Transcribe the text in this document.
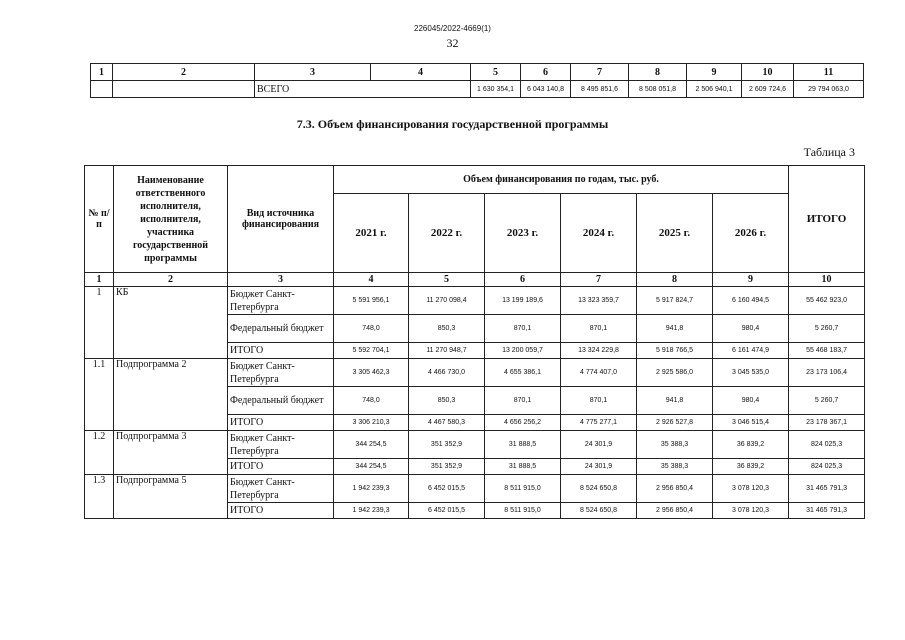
226045/2022-4669(1)
32
1	2	3	4	5	6	7	8	9	10	11
		ВСЕГО		1 630 354,1	6 043 140,8	8 495 851,6	8 508 051,8	2 506 940,1	2 609 724,6	29 794 063,0
7.3. Объем финансирования государственной программы
Таблица 3
№ п/п	Наименование ответственного исполнителя, исполнителя, участника государственной программы	Вид источника финансирования	Объем финансирования по годам, тыс. руб.						ИТОГО
			2021 г.	2022 г.	2023 г.	2024 г.	2025 г.	2026 г.	
1	2	3	4	5	6	7	8	9	10
1	КБ	Бюджет Санкт-Петербурга	5 591 956,1	11 270 098,4	13 199 189,6	13 323 359,7	5 917 824,7	6 160 494,5	55 462 923,0
		Федеральный бюджет	748,0	850,3	870,1	870,1	941,8	980,4	5 260,7
		ИТОГО	5 592 704,1	11 270 948,7	13 200 059,7	13 324 229,8	5 918 766,5	6 161 474,9	55 468 183,7
1.1	Подпрограмма 2	Бюджет Санкт-Петербурга	3 305 462,3	4 466 730,0	4 655 386,1	4 774 407,0	2 925 586,0	3 045 535,0	23 173 106,4
		Федеральный бюджет	748,0	850,3	870,1	870,1	941,8	980,4	5 260,7
		ИТОГО	3 306 210,3	4 467 580,3	4 656 256,2	4 775 277,1	2 926 527,8	3 046 515,4	23 178 367,1
1.2	Подпрограмма 3	Бюджет Санкт-Петербурга	344 254,5	351 352,9	31 888,5	24 301,9	35 388,3	36 839,2	824 025,3
		ИТОГО	344 254,5	351 352,9	31 888,5	24 301,9	35 388,3	36 839,2	824 025,3
1.3	Подпрограмма 5	Бюджет Санкт-Петербурга	1 942 239,3	6 452 015,5	8 511 915,0	8 524 650,8	2 956 850,4	3 078 120,3	31 465 791,3
		ИТОГО	1 942 239,3	6 452 015,5	8 511 915,0	8 524 650,8	2 956 850,4	3 078 120,3	31 465 791,3
